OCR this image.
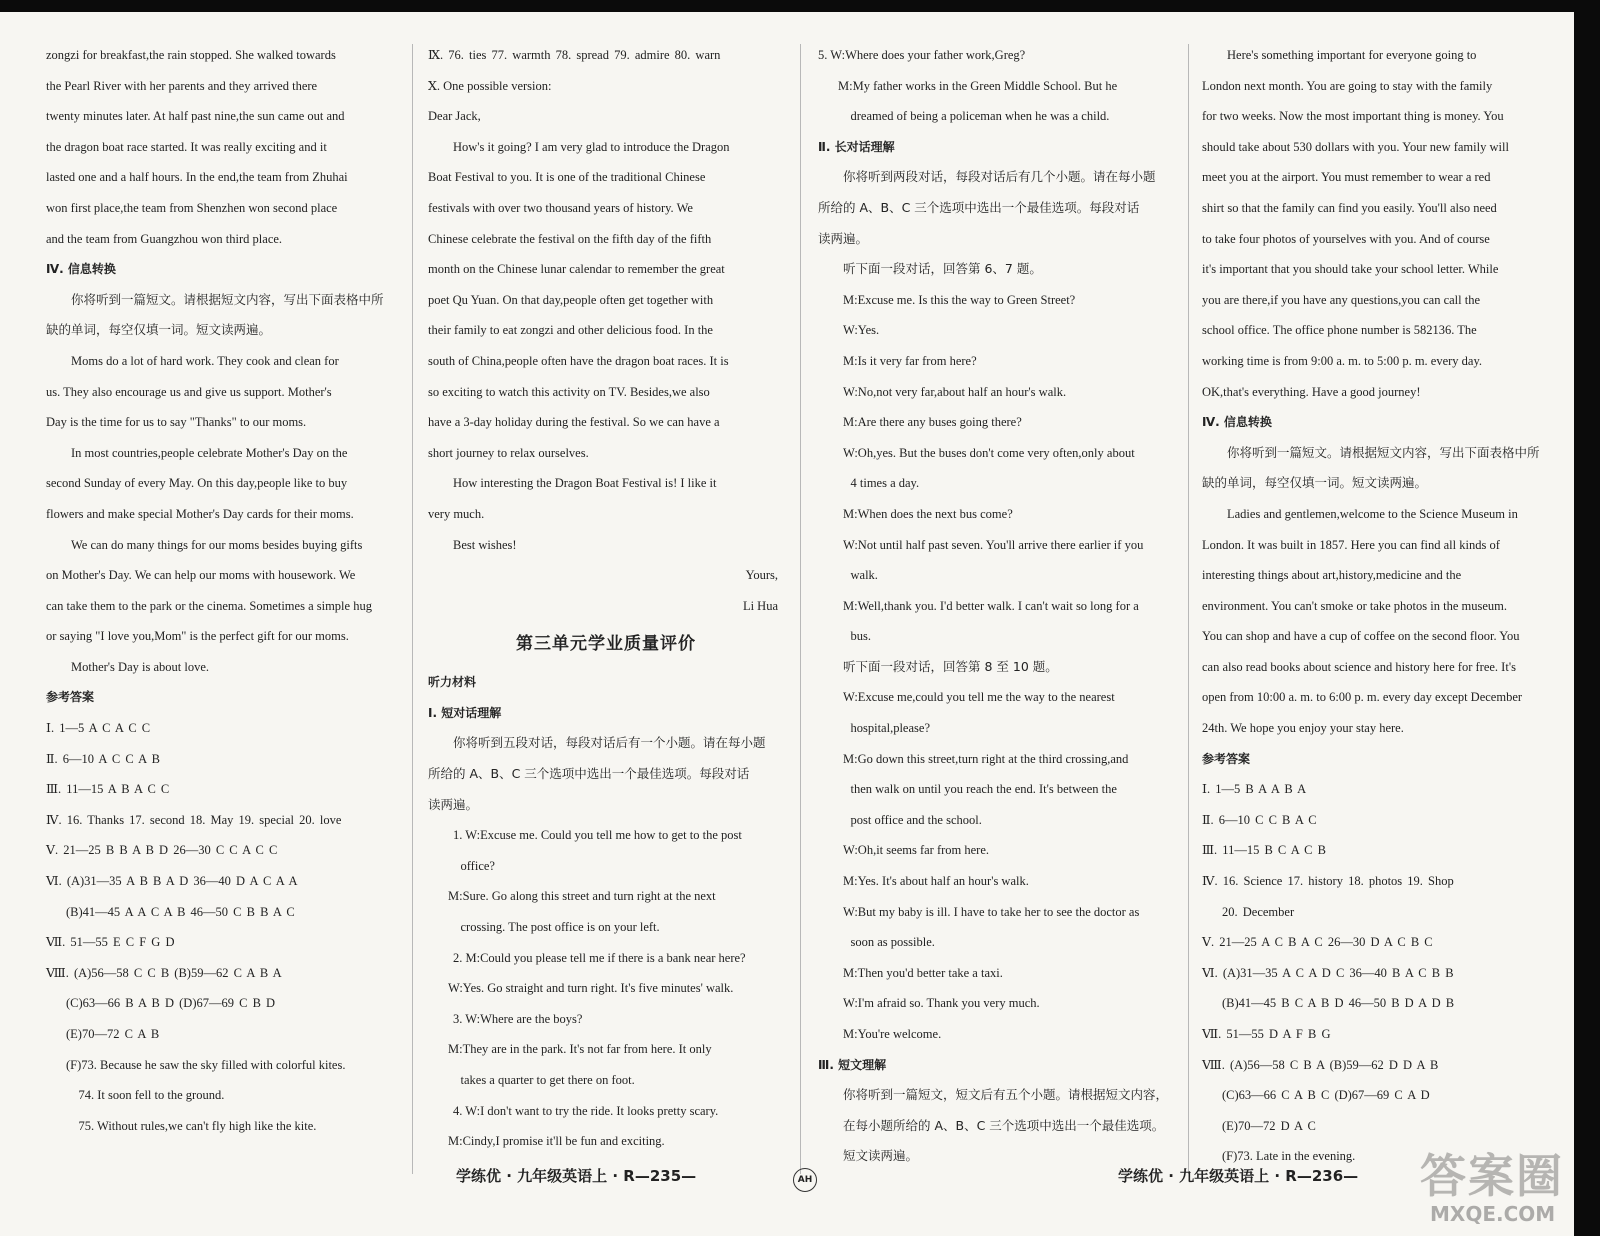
zongzi for breakfast,the rain stopped. She walked towards

the Pearl River with her parents and they arrived there

twenty minutes later. At half past nine,the sun came out and

the dragon boat race started. It was really exciting and it

lasted one and a half hours. In the end,the team from Zhuhai

won first place,the team from Shenzhen won second place

and the team from Guangzhou won third place.

Ⅳ. 信息转换

你将听到一篇短文。请根据短文内容，写出下面表格中所

缺的单词，每空仅填一词。短文读两遍。

Moms do a lot of hard work. They cook and clean for

us. They also encourage us and give us support. Mother's

Day is the time for us to say "Thanks" to our moms.

In most countries,people celebrate Mother's Day on the

second Sunday of every May. On this day,people like to buy

flowers and make special Mother's Day cards for their moms.

We can do many things for our moms besides buying gifts

on Mother's Day. We can help our moms with housework. We

can take them to the park or the cinema. Sometimes a simple hug

or saying "I love you,Mom" is the perfect gift for our moms.

Mother's Day is about love.

参考答案

Ⅰ. 1—5 A C A C C

Ⅱ. 6—10 A C C A B

Ⅲ. 11—15 A B A C C

Ⅳ. 16. Thanks 17. second 18. May 19. special 20. love

Ⅴ. 21—25 B B A B D 26—30 C C A C C

Ⅵ. (A)31—35 A B B A D 36—40 D A C A A

(B)41—45 A A C A B 46—50 C B B A C

Ⅶ. 51—55 E C F G D

Ⅷ. (A)56—58 C C B (B)59—62 C A B A

(C)63—66 B A B D (D)67—69 C B D

(E)70—72 C A B

(F)73. Because he saw the sky filled with colorful kites.

74. It soon fell to the ground.

75. Without rules,we can't fly high like the kite.

Ⅸ. 76. ties 77. warmth 78. spread 79. admire 80. warn

Ⅹ. One possible version:

Dear Jack,

How's it going? I am very glad to introduce the Dragon

Boat Festival to you. It is one of the traditional Chinese

festivals with over two thousand years of history. We

Chinese celebrate the festival on the fifth day of the fifth

month on the Chinese lunar calendar to remember the great

poet Qu Yuan. On that day,people often get together with

their family to eat zongzi and other delicious food. In the

south of China,people often have the dragon boat races. It is

so exciting to watch this activity on TV. Besides,we also

have a 3-day holiday during the festival. So we can have a

short journey to relax ourselves.

How interesting the Dragon Boat Festival is! I like it

very much.

Best wishes!

Yours,

Li Hua

第三单元学业质量评价

听力材料

Ⅰ. 短对话理解

你将听到五段对话，每段对话后有一个小题。请在每小题

所给的 A、B、C 三个选项中选出一个最佳选项。每段对话

读两遍。

1. W:Excuse me. Could you tell me how to get to the post

office?

M:Sure. Go along this street and turn right at the next

crossing. The post office is on your left.

2. M:Could you please tell me if there is a bank near here?

W:Yes. Go straight and turn right. It's five minutes' walk.

3. W:Where are the boys?

M:They are in the park. It's not far from here. It only

takes a quarter to get there on foot.

4. W:I don't want to try the ride. It looks pretty scary.

M:Cindy,I promise it'll be fun and exciting.

5. W:Where does your father work,Greg?

M:My father works in the Green Middle School. But he

dreamed of being a policeman when he was a child.

Ⅱ. 长对话理解

你将听到两段对话，每段对话后有几个小题。请在每小题

所给的 A、B、C 三个选项中选出一个最佳选项。每段对话

读两遍。

听下面一段对话，回答第 6、7 题。

M:Excuse me. Is this the way to Green Street?

W:Yes.

M:Is it very far from here?

W:No,not very far,about half an hour's walk.

M:Are there any buses going there?

W:Oh,yes. But the buses don't come very often,only about

4 times a day.

M:When does the next bus come?

W:Not until half past seven. You'll arrive there earlier if you

walk.

M:Well,thank you. I'd better walk. I can't wait so long for a

bus.

听下面一段对话，回答第 8 至 10 题。

W:Excuse me,could you tell me the way to the nearest

hospital,please?

M:Go down this street,turn right at the third crossing,and

then walk on until you reach the end. It's between the

post office and the school.

W:Oh,it seems far from here.

M:Yes. It's about half an hour's walk.

W:But my baby is ill. I have to take her to see the doctor as

soon as possible.

M:Then you'd better take a taxi.

W:I'm afraid so. Thank you very much.

M:You're welcome.

Ⅲ. 短文理解

你将听到一篇短文，短文后有五个小题。请根据短文内容，

在每小题所给的 A、B、C 三个选项中选出一个最佳选项。

短文读两遍。

Here's something important for everyone going to

London next month. You are going to stay with the family

for two weeks. Now the most important thing is money. You

should take about 530 dollars with you. Your new family will

meet you at the airport. You must remember to wear a red

shirt so that the family can find you easily. You'll also need

to take four photos of yourselves with you. And of course

it's important that you should take your school letter. While

you are there,if you have any questions,you can call the

school office. The office phone number is 582136. The

working time is from 9:00 a. m. to 5:00 p. m. every day.

OK,that's everything. Have a good journey!

Ⅳ. 信息转换

你将听到一篇短文。请根据短文内容，写出下面表格中所

缺的单词，每空仅填一词。短文读两遍。

Ladies and gentlemen,welcome to the Science Museum in

London. It was built in 1857. Here you can find all kinds of

interesting things about art,history,medicine and the

environment. You can't smoke or take photos in the museum.

You can shop and have a cup of coffee on the second floor. You

can also read books about science and history here for free. It's

open from 10:00 a. m. to 6:00 p. m. every day except December

24th. We hope you enjoy your stay here.

参考答案

Ⅰ. 1—5 B A A B A

Ⅱ. 6—10 C C B A C

Ⅲ. 11—15 B C A C B

Ⅳ. 16. Science 17. history 18. photos 19. Shop

20. December

Ⅴ. 21—25 A C B A C 26—30 D A C B C

Ⅵ. (A)31—35 A C A D C 36—40 B A C B B

(B)41—45 B C A B D 46—50 B D A D B

Ⅶ. 51—55 D A F B G

Ⅷ. (A)56—58 C B A (B)59—62 D D A B

(C)63—66 C A B C (D)67—69 C A D

(E)70—72 D A C

(F)73. Late in the evening.

学练优 · 九年级英语上 · R—235—	AH	学练优 · 九年级英语上 · R—236— 答案圈
MXQE.COM
